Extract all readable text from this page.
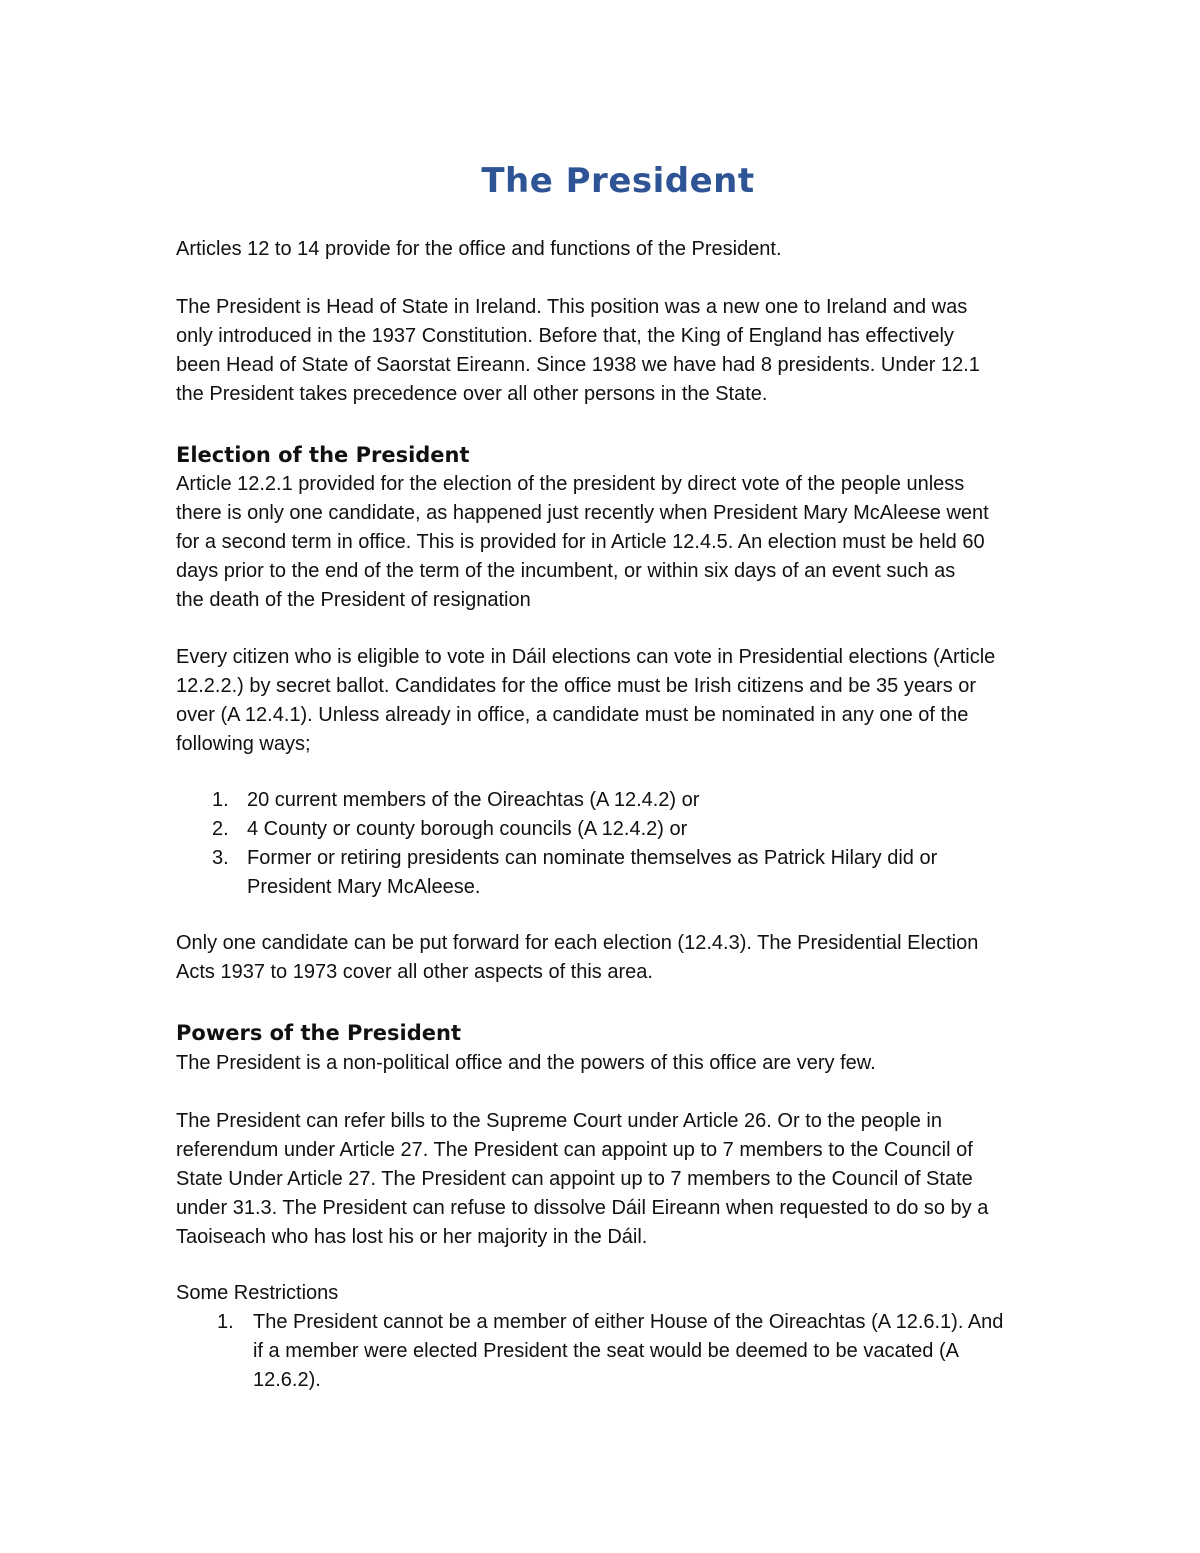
The President

Articles 12 to 14 provide for the office and functions of the President.

The President is Head of State in Ireland. This position was a new one to Ireland and was
only introduced in the 1937 Constitution. Before that, the King of England has effectively
been Head of State of Saorstat Eireann. Since 1938 we have had 8 presidents. Under 12.1
the President takes precedence over all other persons in the State.

Election of the President

Article 12.2.1 provided for the election of the president by direct vote of the people unless
there is only one candidate, as happened just recently when President Mary McAleese went
for a second term in office. This is provided for in Article 12.4.5. An election must be held 60
days prior to the end of the term of the incumbent, or within six days of an event such as
the death of the President of resignation

Every citizen who is eligible to vote in Dáil elections can vote in Presidential elections (Article
12.2.2.) by secret ballot. Candidates for the office must be Irish citizens and be 35 years or
over (A 12.4.1). Unless already in office, a candidate must be nominated in any one of the
following ways;

1. 20 current members of the Oireachtas (A 12.4.2) or
2. 4 County or county borough councils (A 12.4.2) or
3. Former or retiring presidents can nominate themselves as Patrick Hilary did or
President Mary McAleese.

Only one candidate can be put forward for each election (12.4.3). The Presidential Election
Acts 1937 to 1973 cover all other aspects of this area.

Powers of the President

The President is a non-political office and the powers of this office are very few.

The President can refer bills to the Supreme Court under Article 26. Or to the people in
referendum under Article 27. The President can appoint up to 7 members to the Council of
State Under Article 27. The President can appoint up to 7 members to the Council of State
under 31.3. The President can refuse to dissolve Dáil Eireann when requested to do so by a
Taoiseach who has lost his or her majority in the Dáil.

Some Restrictions

1. The President cannot be a member of either House of the Oireachtas (A 12.6.1). And
if a member were elected President the seat would be deemed to be vacated (A
12.6.2).
